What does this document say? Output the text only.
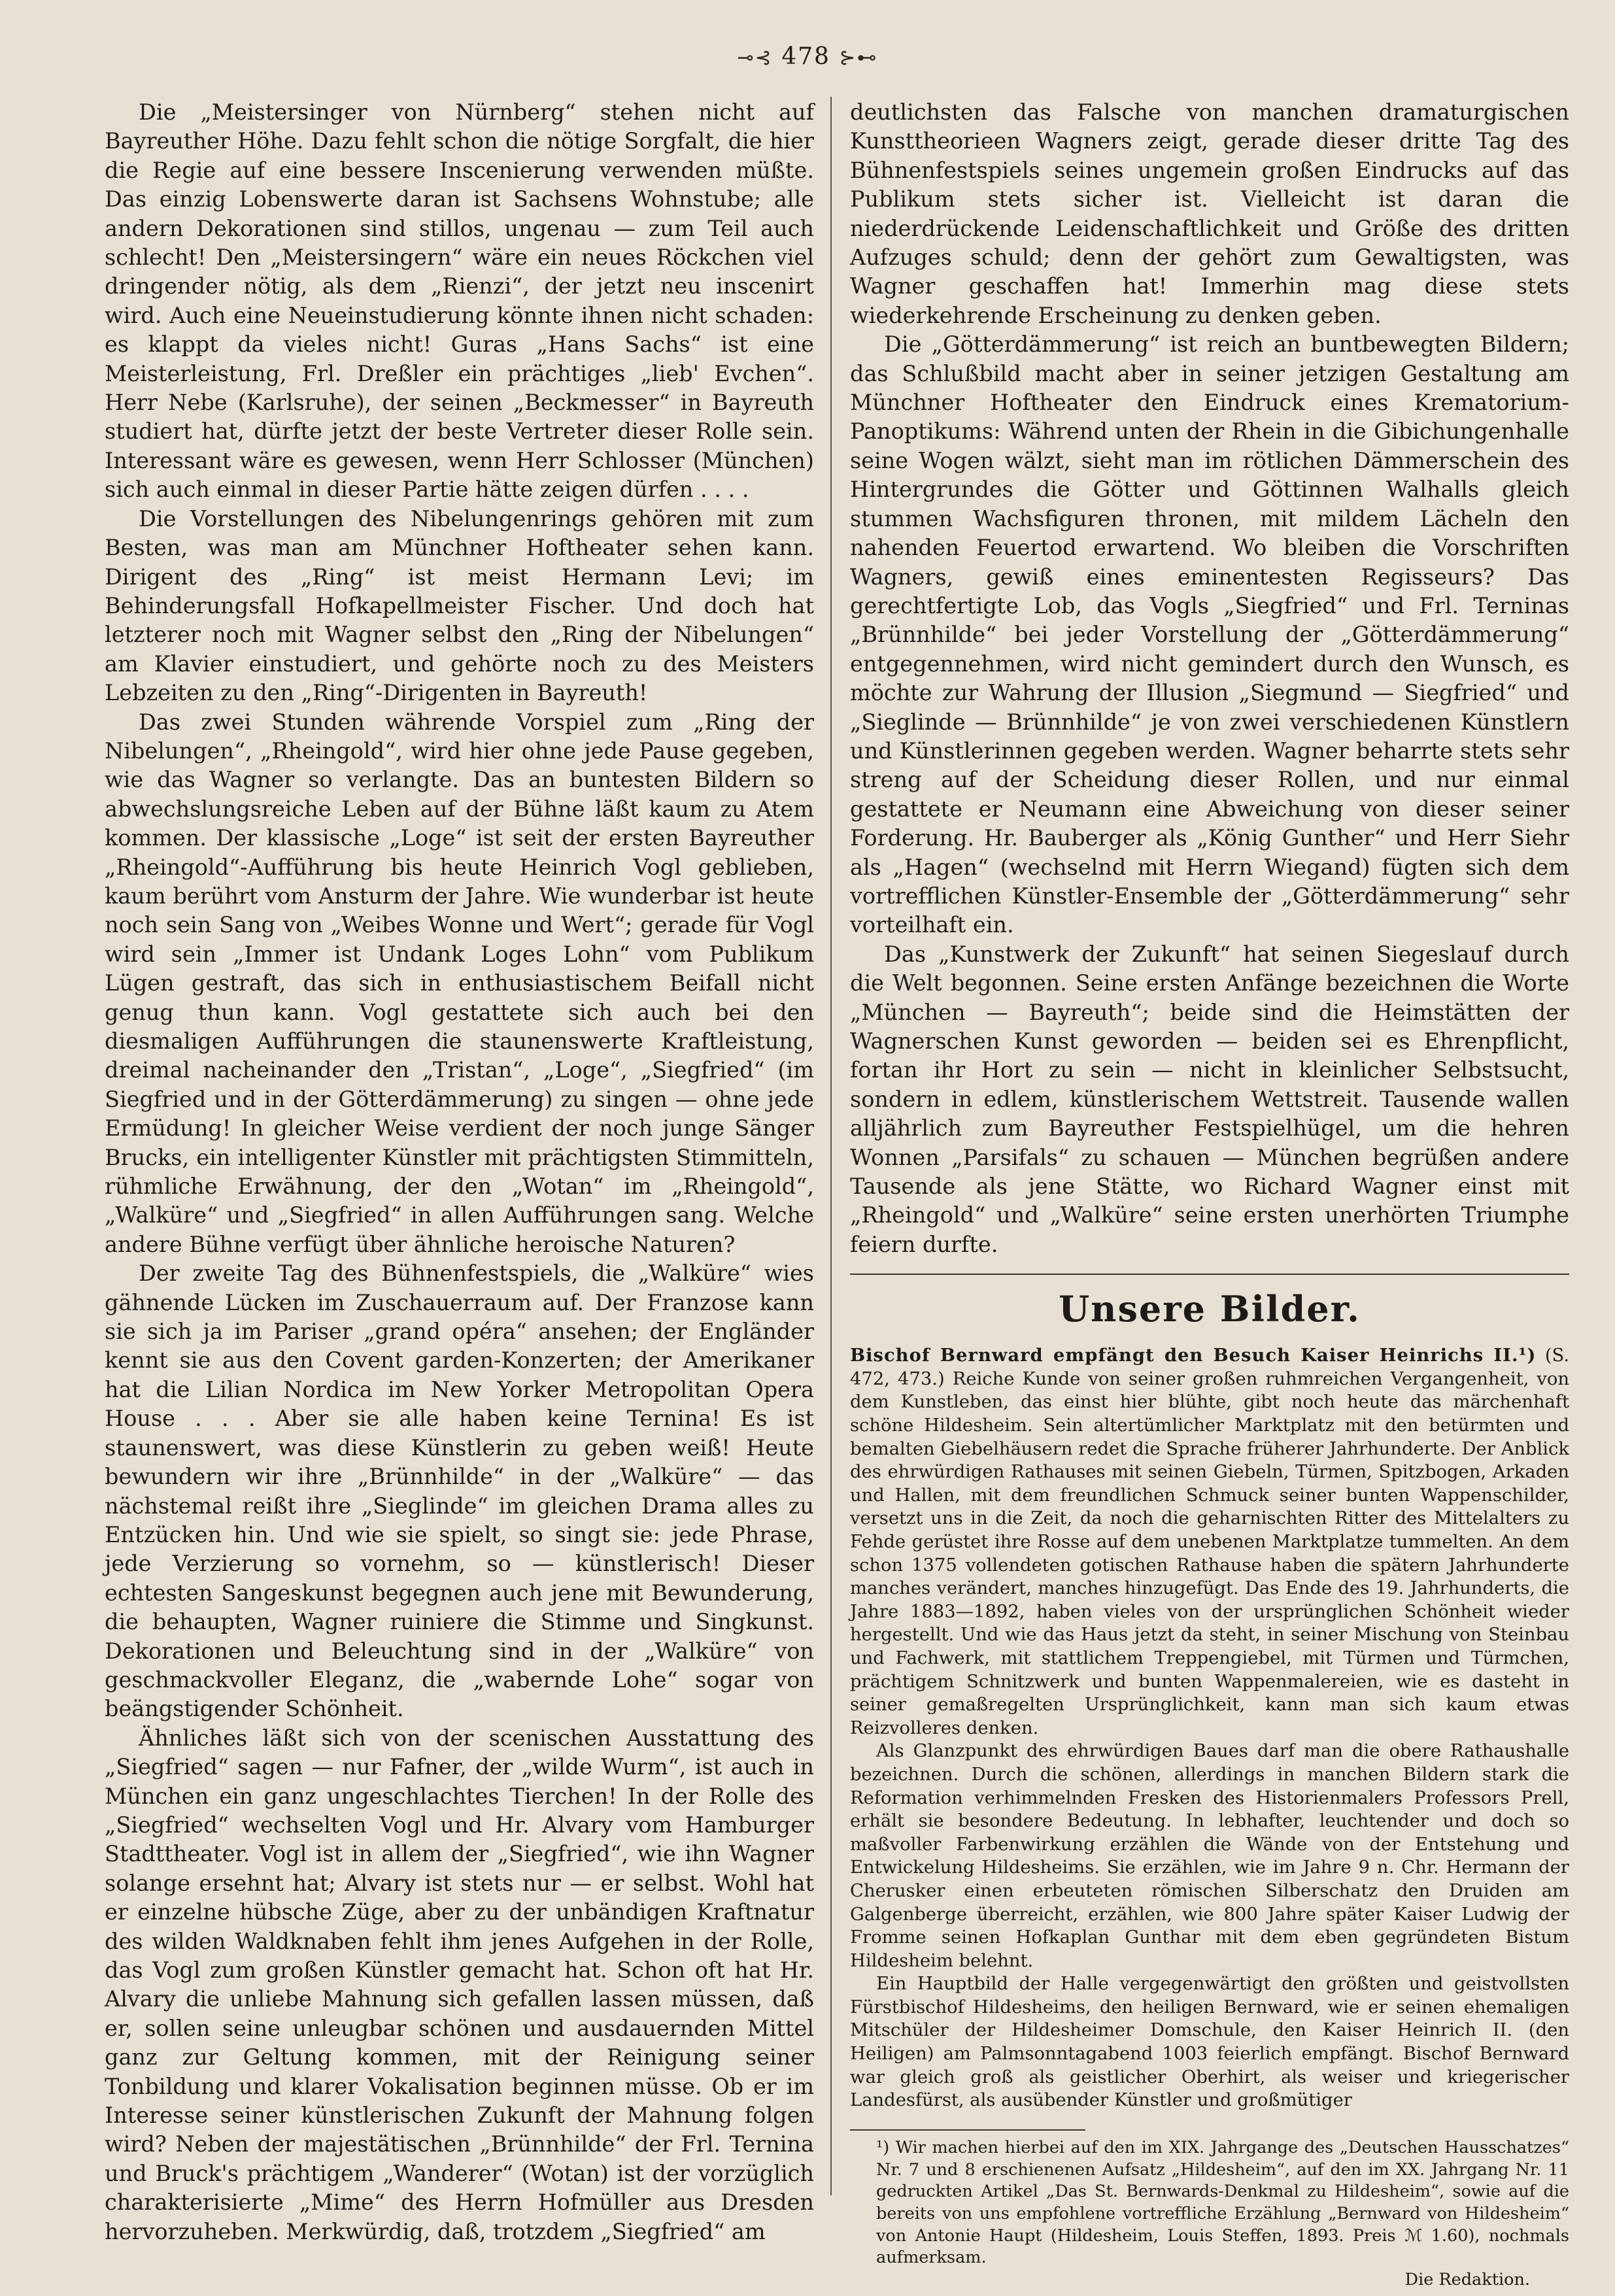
⊸⊰ 478 ⊱⊷

Die „Meistersinger von Nürnberg“ stehen nicht auf Bayreuther Höhe. Dazu fehlt schon die nötige Sorgfalt, die hier die Regie auf eine bessere Inscenierung verwenden müßte. Das einzig Lobenswerte daran ist Sachsens Wohnstube; alle andern Dekorationen sind stillos, ungenau — zum Teil auch schlecht! Den „Meistersingern“ wäre ein neues Röckchen viel dringender nötig, als dem „Rienzi“, der jetzt neu inscenirt wird. Auch eine Neueinstudierung könnte ihnen nicht schaden: es klappt da vieles nicht! Guras „Hans Sachs“ ist eine Meisterleistung, Frl. Dreßler ein prächtiges „lieb' Evchen“. Herr Nebe (Karlsruhe), der seinen „Beckmesser“ in Bayreuth studiert hat, dürfte jetzt der beste Vertreter dieser Rolle sein. Interessant wäre es gewesen, wenn Herr Schlosser (München) sich auch einmal in dieser Partie hätte zeigen dürfen . . . .

Die Vorstellungen des Nibelungenrings gehören mit zum Besten, was man am Münchner Hoftheater sehen kann. Dirigent des „Ring“ ist meist Hermann Levi; im Behinderungsfall Hofkapellmeister Fischer. Und doch hat letzterer noch mit Wagner selbst den „Ring der Nibelungen“ am Klavier einstudiert, und gehörte noch zu des Meisters Lebzeiten zu den „Ring“-Dirigenten in Bayreuth!

Das zwei Stunden währende Vorspiel zum „Ring der Nibelungen“, „Rheingold“, wird hier ohne jede Pause gegeben, wie das Wagner so verlangte. Das an buntesten Bildern so abwechslungsreiche Leben auf der Bühne läßt kaum zu Atem kommen. Der klassische „Loge“ ist seit der ersten Bayreuther „Rheingold“-Aufführung bis heute Heinrich Vogl geblieben, kaum berührt vom Ansturm der Jahre. Wie wunderbar ist heute noch sein Sang von „Weibes Wonne und Wert“; gerade für Vogl wird sein „Immer ist Undank Loges Lohn“ vom Publikum Lügen gestraft, das sich in enthusiastischem Beifall nicht genug thun kann. Vogl gestattete sich auch bei den diesmaligen Aufführungen die staunenswerte Kraftleistung, dreimal nacheinander den „Tristan“, „Loge“, „Siegfried“ (im Siegfried und in der Götterdämmerung) zu singen — ohne jede Ermüdung! In gleicher Weise verdient der noch junge Sänger Brucks, ein intelligenter Künstler mit prächtigsten Stimmitteln, rühmliche Erwähnung, der den „Wotan“ im „Rheingold“, „Walküre“ und „Siegfried“ in allen Aufführungen sang. Welche andere Bühne verfügt über ähnliche heroische Naturen?

Der zweite Tag des Bühnenfestspiels, die „Walküre“ wies gähnende Lücken im Zuschauerraum auf. Der Franzose kann sie sich ja im Pariser „grand opéra“ ansehen; der Engländer kennt sie aus den Covent garden-Konzerten; der Amerikaner hat die Lilian Nordica im New Yorker Metropolitan Opera House . . . Aber sie alle haben keine Ternina! Es ist staunenswert, was diese Künstlerin zu geben weiß! Heute bewundern wir ihre „Brünnhilde“ in der „Walküre“ — das nächstemal reißt ihre „Sieglinde“ im gleichen Drama alles zu Entzücken hin. Und wie sie spielt, so singt sie: jede Phrase, jede Verzierung so vornehm, so — künstlerisch! Dieser echtesten Sangeskunst begegnen auch jene mit Bewunderung, die behaupten, Wagner ruiniere die Stimme und Singkunst. Dekorationen und Beleuchtung sind in der „Walküre“ von geschmackvoller Eleganz, die „wabernde Lohe“ sogar von beängstigender Schönheit.

Ähnliches läßt sich von der scenischen Ausstattung des „Siegfried“ sagen — nur Fafner, der „wilde Wurm“, ist auch in München ein ganz ungeschlachtes Tierchen! In der Rolle des „Siegfried“ wechselten Vogl und Hr. Alvary vom Hamburger Stadttheater. Vogl ist in allem der „Siegfried“, wie ihn Wagner solange ersehnt hat; Alvary ist stets nur — er selbst. Wohl hat er einzelne hübsche Züge, aber zu der unbändigen Kraftnatur des wilden Waldknaben fehlt ihm jenes Aufgehen in der Rolle, das Vogl zum großen Künstler gemacht hat. Schon oft hat Hr. Alvary die unliebe Mahnung sich gefallen lassen müssen, daß er, sollen seine unleugbar schönen und ausdauernden Mittel ganz zur Geltung kommen, mit der Reinigung seiner Tonbildung und klarer Vokalisation beginnen müsse. Ob er im Interesse seiner künstlerischen Zukunft der Mahnung folgen wird? Neben der majestätischen „Brünnhilde“ der Frl. Ternina und Bruck's prächtigem „Wanderer“ (Wotan) ist der vorzüglich charakterisierte „Mime“ des Herrn Hofmüller aus Dresden hervorzuheben. Merkwürdig, daß, trotzdem „Siegfried“ am

deutlichsten das Falsche von manchen dramaturgischen Kunsttheorieen Wagners zeigt, gerade dieser dritte Tag des Bühnenfestspiels seines ungemein großen Eindrucks auf das Publikum stets sicher ist. Vielleicht ist daran die niederdrückende Leidenschaftlichkeit und Größe des dritten Aufzuges schuld; denn der gehört zum Gewaltigsten, was Wagner geschaffen hat! Immerhin mag diese stets wiederkehrende Erscheinung zu denken geben.

Die „Götterdämmerung“ ist reich an buntbewegten Bildern; das Schlußbild macht aber in seiner jetzigen Gestaltung am Münchner Hoftheater den Eindruck eines Krematorium-Panoptikums: Während unten der Rhein in die Gibichungenhalle seine Wogen wälzt, sieht man im rötlichen Dämmerschein des Hintergrundes die Götter und Göttinnen Walhalls gleich stummen Wachsfiguren thronen, mit mildem Lächeln den nahenden Feuertod erwartend. Wo bleiben die Vorschriften Wagners, gewiß eines eminentesten Regisseurs? Das gerechtfertigte Lob, das Vogls „Siegfried“ und Frl. Terninas „Brünnhilde“ bei jeder Vorstellung der „Götterdämmerung“ entgegennehmen, wird nicht gemindert durch den Wunsch, es möchte zur Wahrung der Illusion „Siegmund — Siegfried“ und „Sieglinde — Brünnhilde“ je von zwei verschiedenen Künstlern und Künstlerinnen gegeben werden. Wagner beharrte stets sehr streng auf der Scheidung dieser Rollen, und nur einmal gestattete er Neumann eine Abweichung von dieser seiner Forderung. Hr. Bauberger als „König Gunther“ und Herr Siehr als „Hagen“ (wechselnd mit Herrn Wiegand) fügten sich dem vortrefflichen Künstler-Ensemble der „Götterdämmerung“ sehr vorteilhaft ein.

Das „Kunstwerk der Zukunft“ hat seinen Siegeslauf durch die Welt begonnen. Seine ersten Anfänge bezeichnen die Worte „München — Bayreuth“; beide sind die Heimstätten der Wagnerschen Kunst geworden — beiden sei es Ehrenpflicht, fortan ihr Hort zu sein — nicht in kleinlicher Selbstsucht, sondern in edlem, künstlerischem Wettstreit. Tausende wallen alljährlich zum Bayreuther Festspielhügel, um die hehren Wonnen „Parsifals“ zu schauen — München begrüßen andere Tausende als jene Stätte, wo Richard Wagner einst mit „Rheingold“ und „Walküre“ seine ersten unerhörten Triumphe feiern durfte.

Unsere Bilder.

Bischof Bernward empfängt den Besuch Kaiser Heinrichs II.¹) (S. 472, 473.) Reiche Kunde von seiner großen ruhmreichen Vergangenheit, von dem Kunstleben, das einst hier blühte, gibt noch heute das märchenhaft schöne Hildesheim. Sein altertümlicher Marktplatz mit den betürmten und bemalten Giebelhäusern redet die Sprache früherer Jahrhunderte. Der Anblick des ehrwürdigen Rathauses mit seinen Giebeln, Türmen, Spitzbogen, Arkaden und Hallen, mit dem freundlichen Schmuck seiner bunten Wappenschilder, versetzt uns in die Zeit, da noch die geharnischten Ritter des Mittelalters zu Fehde gerüstet ihre Rosse auf dem unebenen Marktplatze tummelten. An dem schon 1375 vollendeten gotischen Rathause haben die spätern Jahrhunderte manches verändert, manches hinzugefügt. Das Ende des 19. Jahrhunderts, die Jahre 1883—1892, haben vieles von der ursprünglichen Schönheit wieder hergestellt. Und wie das Haus jetzt da steht, in seiner Mischung von Steinbau und Fachwerk, mit stattlichem Treppengiebel, mit Türmen und Türmchen, prächtigem Schnitzwerk und bunten Wappenmalereien, wie es dasteht in seiner gemaßregelten Ursprünglichkeit, kann man sich kaum etwas Reizvolleres denken.

Als Glanzpunkt des ehrwürdigen Baues darf man die obere Rathaushalle bezeichnen. Durch die schönen, allerdings in manchen Bildern stark die Reformation verhimmelnden Fresken des Historienmalers Professors Prell, erhält sie besondere Bedeutung. In lebhafter, leuchtender und doch so maßvoller Farbenwirkung erzählen die Wände von der Entstehung und Entwickelung Hildesheims. Sie erzählen, wie im Jahre 9 n. Chr. Hermann der Cherusker einen erbeuteten römischen Silberschatz den Druiden am Galgenberge überreicht, erzählen, wie 800 Jahre später Kaiser Ludwig der Fromme seinen Hofkaplan Gunthar mit dem eben gegründeten Bistum Hildesheim belehnt.

Ein Hauptbild der Halle vergegenwärtigt den größten und geistvollsten Fürstbischof Hildesheims, den heiligen Bernward, wie er seinen ehemaligen Mitschüler der Hildesheimer Domschule, den Kaiser Heinrich II. (den Heiligen) am Palmsonntagabend 1003 feierlich empfängt. Bischof Bernward war gleich groß als geistlicher Oberhirt, als weiser und kriegerischer Landesfürst, als ausübender Künstler und großmütiger

¹) Wir machen hierbei auf den im XIX. Jahrgange des „Deutschen Hausschatzes“ Nr. 7 und 8 erschienenen Aufsatz „Hildesheim“, auf den im XX. Jahrgang Nr. 11 gedruckten Artikel „Das St. Bernwards-Denkmal zu Hildesheim“, sowie auf die bereits von uns empfohlene vortreffliche Erzählung „Bernward von Hildesheim“ von Antonie Haupt (Hildesheim, Louis Steffen, 1893. Preis ℳ 1.60), nochmals aufmerksam.

Die Redaktion.
